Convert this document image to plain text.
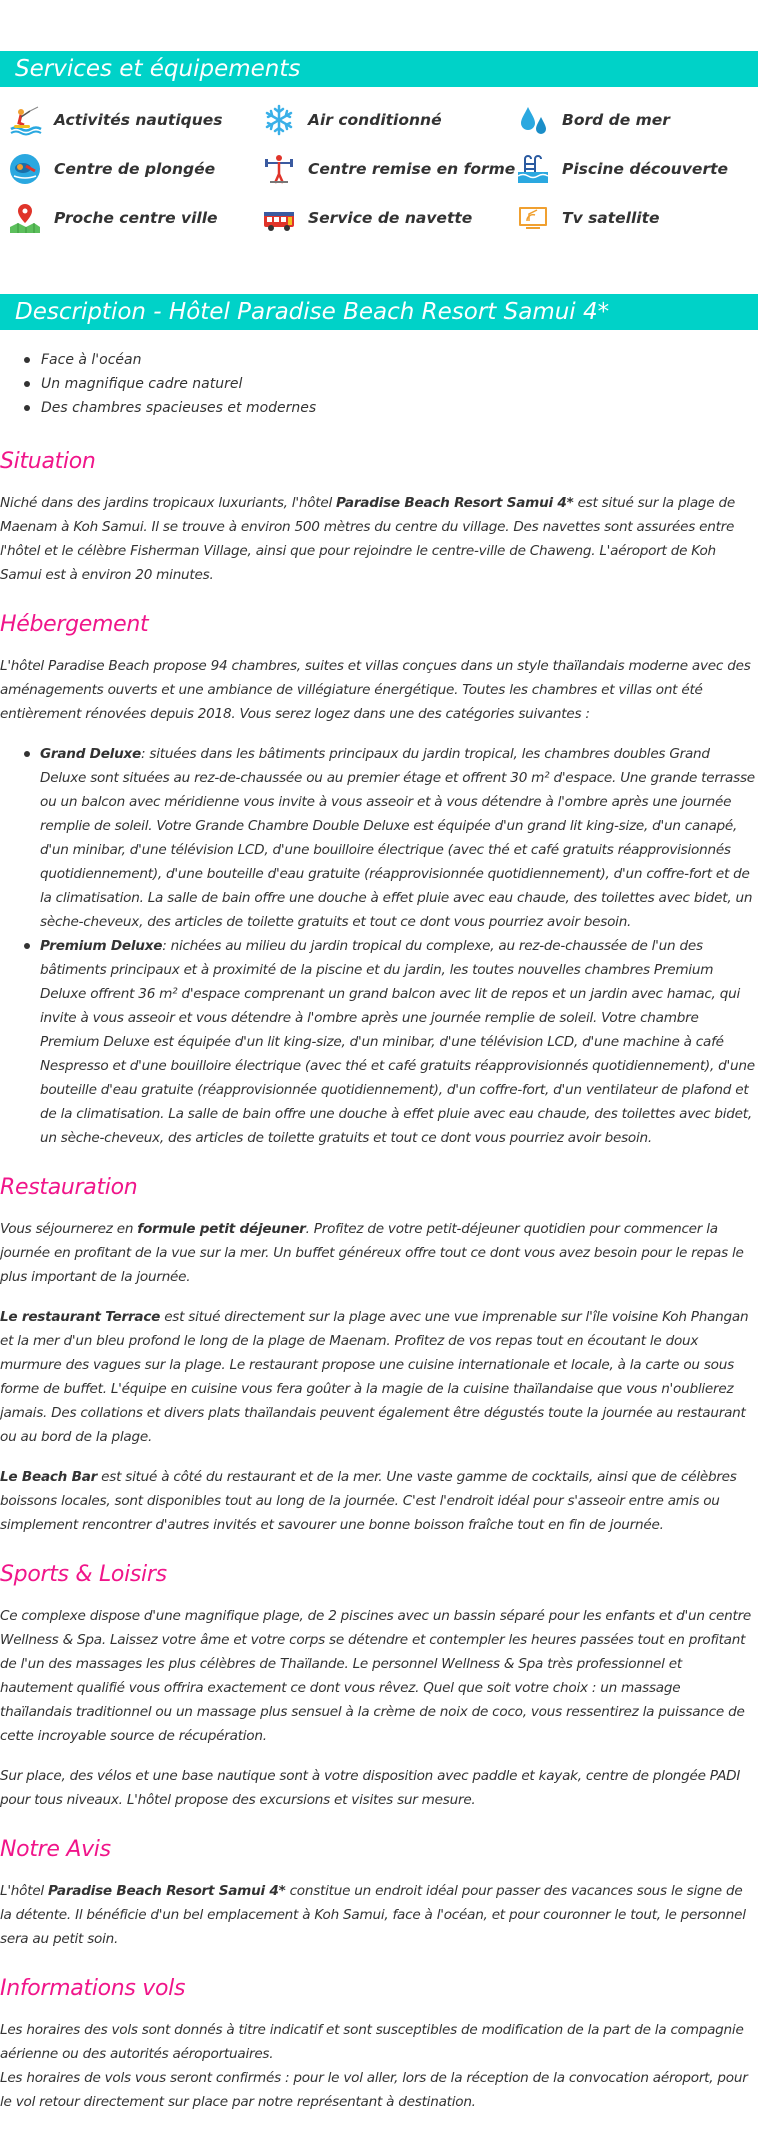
Services et équipements
Activités nautiques	Air conditionné	Bord de mer
Centre de plongée	Centre remise en forme	Piscine découverte
Proche centre ville	Service de navette	Tv satellite
Description - Hôtel Paradise Beach Resort Samui 4*
Face à l'océan
Un magnifique cadre naturel
Des chambres spacieuses et modernes
Situation

Niché dans des jardins tropicaux luxuriants, l'hôtel Paradise Beach Resort Samui 4* est situé sur la plage de Maenam à Koh Samui. Il se trouve à environ 500 mètres du centre du village. Des navettes sont assurées entre l'hôtel et le célèbre Fisherman Village, ainsi que pour rejoindre le centre-ville de Chaweng. L'aéroport de Koh Samui est à environ 20 minutes.

Hébergement

L'hôtel Paradise Beach propose 94 chambres, suites et villas conçues dans un style thaïlandais moderne avec des aménagements ouverts et une ambiance de villégiature énergétique. Toutes les chambres et villas ont été entièrement rénovées depuis 2018. Vous serez logez dans une des catégories suivantes :

Grand Deluxe: situées dans les bâtiments principaux du jardin tropical, les chambres doubles Grand Deluxe sont situées au rez-de-chaussée ou au premier étage et offrent 30 m² d'espace. Une grande terrasse ou un balcon avec méridienne vous invite à vous asseoir et à vous détendre à l'ombre après une journée remplie de soleil. Votre Grande Chambre Double Deluxe est équipée d'un grand lit king-size, d'un canapé, d'un minibar, d'une télévision LCD, d'une bouilloire électrique (avec thé et café gratuits réapprovisionnés quotidiennement), d'une bouteille d'eau gratuite (réapprovisionnée quotidiennement), d'un coffre-fort et de la climatisation. La salle de bain offre une douche à effet pluie avec eau chaude, des toilettes avec bidet, un sèche-cheveux, des articles de toilette gratuits et tout ce dont vous pourriez avoir besoin.
Premium Deluxe: nichées au milieu du jardin tropical du complexe, au rez-de-chaussée de l'un des bâtiments principaux et à proximité de la piscine et du jardin, les toutes nouvelles chambres Premium Deluxe offrent 36 m² d'espace comprenant un grand balcon avec lit de repos et un jardin avec hamac, qui invite à vous asseoir et vous détendre à l'ombre après une journée remplie de soleil. Votre chambre Premium Deluxe est équipée d'un lit king-size, d'un minibar, d'une télévision LCD, d'une machine à café Nespresso et d'une bouilloire électrique (avec thé et café gratuits réapprovisionnés quotidiennement), d'une bouteille d'eau gratuite (réapprovisionnée quotidiennement), d'un coffre-fort, d'un ventilateur de plafond et de la climatisation. La salle de bain offre une douche à effet pluie avec eau chaude, des toilettes avec bidet, un sèche-cheveux, des articles de toilette gratuits et tout ce dont vous pourriez avoir besoin.
Restauration

Vous séjournerez en formule petit déjeuner. Profitez de votre petit-déjeuner quotidien pour commencer la journée en profitant de la vue sur la mer. Un buffet généreux offre tout ce dont vous avez besoin pour le repas le plus important de la journée.

Le restaurant Terrace est situé directement sur la plage avec une vue imprenable sur l'île voisine Koh Phangan et la mer d'un bleu profond le long de la plage de Maenam. Profitez de vos repas tout en écoutant le doux murmure des vagues sur la plage. Le restaurant propose une cuisine internationale et locale, à la carte ou sous forme de buffet. L'équipe en cuisine vous fera goûter à la magie de la cuisine thaïlandaise que vous n'oublierez jamais. Des collations et divers plats thaïlandais peuvent également être dégustés toute la journée au restaurant ou au bord de la plage.

Le Beach Bar est situé à côté du restaurant et de la mer. Une vaste gamme de cocktails, ainsi que de célèbres boissons locales, sont disponibles tout au long de la journée. C'est l'endroit idéal pour s'asseoir entre amis ou simplement rencontrer d'autres invités et savourer une bonne boisson fraîche tout en fin de journée.

Sports & Loisirs

Ce complexe dispose d'une magnifique plage, de 2 piscines avec un bassin séparé pour les enfants et d'un centre Wellness & Spa. Laissez votre âme et votre corps se détendre et contempler les heures passées tout en profitant de l'un des massages les plus célèbres de Thaïlande. Le personnel Wellness & Spa très professionnel et hautement qualifié vous offrira exactement ce dont vous rêvez. Quel que soit votre choix : un massage thaïlandais traditionnel ou un massage plus sensuel à la crème de noix de coco, vous ressentirez la puissance de cette incroyable source de récupération.

Sur place, des vélos et une base nautique sont à votre disposition avec paddle et kayak, centre de plongée PADI pour tous niveaux. L'hôtel propose des excursions et visites sur mesure.

Notre Avis

L'hôtel Paradise Beach Resort Samui 4* constitue un endroit idéal pour passer des vacances sous le signe de la détente. Il bénéficie d'un bel emplacement à Koh Samui, face à l'océan, et pour couronner le tout, le personnel sera au petit soin.

Informations vols

Les horaires des vols sont donnés à titre indicatif et sont susceptibles de modification de la part de la compagnie aérienne ou des autorités aéroportuaires.

Les horaires de vols vous seront confirmés : pour le vol aller, lors de la réception de la convocation aéroport, pour le vol retour directement sur place par notre représentant à destination.
